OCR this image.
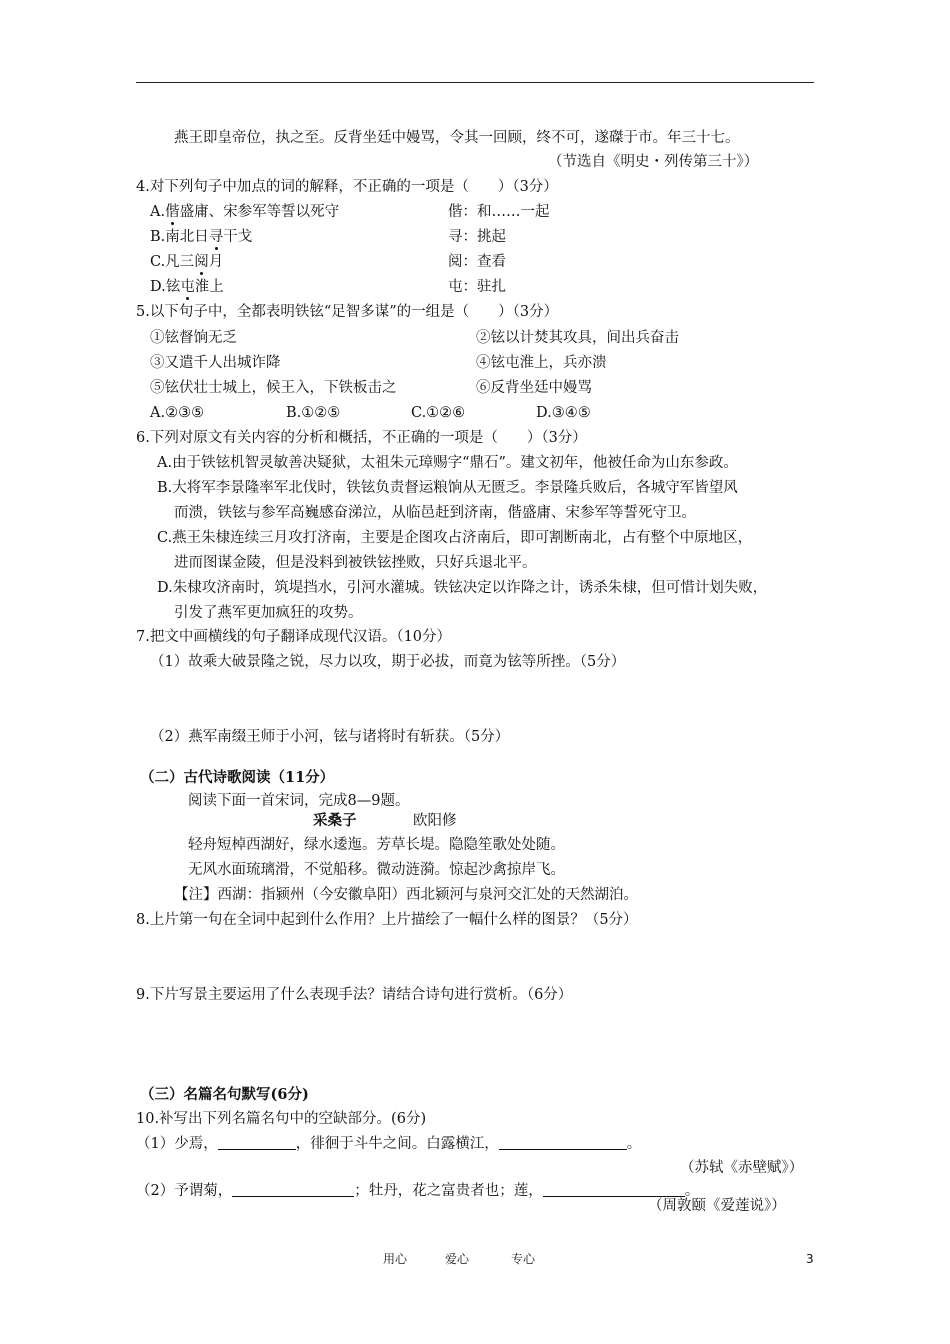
燕王即皇帝位，执之至。反背坐廷中嫚骂，令其一回顾，终不可，遂磔于市。年三十七。
（节选自《明史・列传第三十》）
4.对下列句子中加点的词的解释，不正确的一项是（　　）（3分）
A.偕盛庸、宋参军等誓以死守	偕：和……一起
B.南北日寻干戈	寻：挑起
C.凡三阅月	阅：查看
D.铉屯淮上	屯：驻扎
5.以下句子中，全都表明铁铉“足智多谋”的一组是（　　）（3分）
①铉督饷无乏	②铉以计焚其攻具，间出兵奋击
③又遣千人出城诈降	④铉屯淮上，兵亦溃
⑤铉伏壮士城上，候王入，下铁板击之	⑥反背坐廷中嫚骂
A.②③⑤	B.①②⑤	C.①②⑥	D.③④⑤
6.下列对原文有关内容的分析和概括，不正确的一项是（　　）（3分）
A.由于铁铉机智灵敏善决疑狱，太祖朱元璋赐字“鼎石”。建文初年，他被任命为山东参政。
B.大将军李景隆率军北伐时，铁铉负责督运粮饷从无匮乏。李景隆兵败后，各城守军皆望风
而溃，铁铉与参军高巍感奋涕泣，从临邑赶到济南，偕盛庸、宋参军等誓死守卫。
C.燕王朱棣连续三月攻打济南，主要是企图攻占济南后，即可割断南北，占有整个中原地区，
进而图谋金陵，但是没料到被铁铉挫败，只好兵退北平。
D.朱棣攻济南时，筑堤挡水，引河水灌城。铁铉决定以诈降之计，诱杀朱棣，但可惜计划失败，
引发了燕军更加疯狂的攻势。
7.把文中画横线的句子翻译成现代汉语。（10分）
（1）故乘大破景隆之锐，尽力以攻，期于必拔，而竟为铉等所挫。（5分）
（2）燕军南缀王师于小河，铉与诸将时有斩获。（5分）
（二）古代诗歌阅读（11分）
阅读下面一首宋词，完成8—9题。
采桑子	欧阳修
轻舟短棹西湖好，绿水逶迤。芳草长堤。隐隐笙歌处处随。
无风水面琉璃滑，不觉船移。微动涟漪。惊起沙禽掠岸飞。
【注】西湖：指颍州（今安徽阜阳）西北颍河与泉河交汇处的天然湖泊。
8.上片第一句在全词中起到什么作用？上片描绘了一幅什么样的图景？（5分）
9.下片写景主要运用了什么表现手法？请结合诗句进行赏析。（6分）
（三）名篇名句默写(6分)
10.补写出下列名篇名句中的空缺部分。(6分)
（1）少焉，	，徘徊于斗牛之间。白露横江，	。
（苏轼《赤壁赋》）
（2）予谓菊，	；牡丹，花之富贵者也；莲，	。
（周敦颐《爱莲说》）
用心	爱心	专心	3
